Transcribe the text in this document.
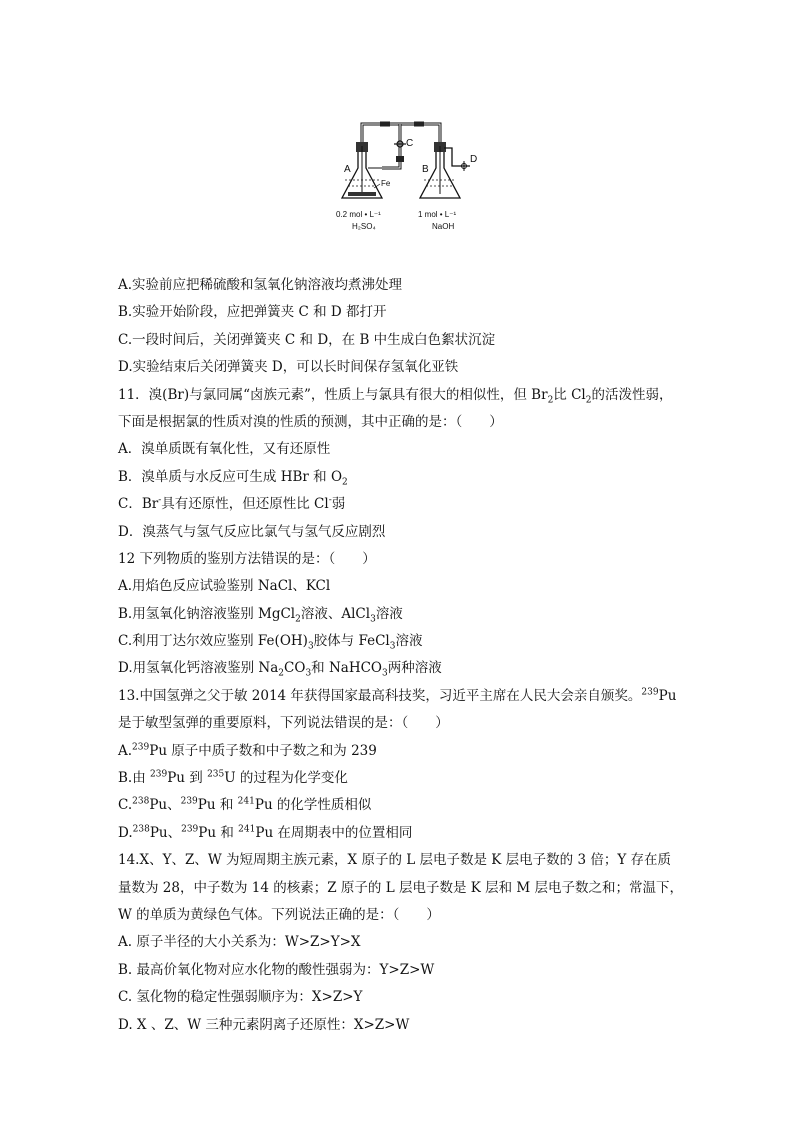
A	B
C
D
Fe
0.2 mol • L⁻¹
H₂SO₄
1 mol • L⁻¹
NaOH
A.实验前应把稀硫酸和氢氧化钠溶液均煮沸处理
B.实验开始阶段，应把弹簧夹 C 和 D 都打开
C.一段时间后，关闭弹簧夹 C 和 D，在 B 中生成白色絮状沉淀
D.实验结束后关闭弹簧夹 D，可以长时间保存氢氧化亚铁
11．溴(Br)与氯同属“卤族元素”，性质上与氯具有很大的相似性，但 $Br_2$比 $Cl_2$的活泼性弱，
下面是根据氯的性质对溴的性质的预测，其中正确的是：（　　）
A．溴单质既有氧化性，又有还原性
B．溴单质与水反应可生成 HBr 和 $O_2$
C．Br-具有还原性，但还原性比 Cl-弱
D．溴蒸气与氢气反应比氯气与氢气反应剧烈
12 下列物质的鉴别方法错误的是：（　　）
A.用焰色反应试验鉴别 NaCl、KCl
B.用氢氧化钠溶液鉴别 MgCl$_2$溶液、AlCl$_3$溶液
C.利用丁达尔效应鉴别 $Fe(OH)_3$胶体与 FeCl$_3$溶液
D.用氢氧化钙溶液鉴别 $Na_2CO_3$和 NaHCO$_3$两种溶液
13.中国氢弹之父于敏 2014 年获得国家最高科技奖，习近平主席在人民大会亲自颁奖。$^{239}$Pu
是于敏型氢弹的重要原料，下列说法错误的是：（　　）
A.$^{239}$Pu 原子中质子数和中子数之和为 239
B.由 $^{239}$Pu 到 $^{235}$U 的过程为化学变化
C.$^{238}$Pu、$^{239}$Pu 和 $^{241}$Pu 的化学性质相似
D.$^{238}$Pu、$^{239}$Pu 和 $^{241}$Pu 在周期表中的位置相同
14.X、Y、Z、W 为短周期主族元素，X 原子的 L 层电子数是 K 层电子数的 3 倍；Y 存在质
量数为 28，中子数为 14 的核素；Z 原子的 L 层电子数是 K 层和 M 层电子数之和；常温下，
W 的单质为黄绿色气体。下列说法正确的是：（　　）
A. 原子半径的大小关系为：W>Z>Y>X
B. 最高价氧化物对应水化物的酸性强弱为：Y>Z>W
C. 氢化物的稳定性强弱顺序为：X>Z>Y
D. X 、Z、W 三种元素阴离子还原性：X>Z>W
